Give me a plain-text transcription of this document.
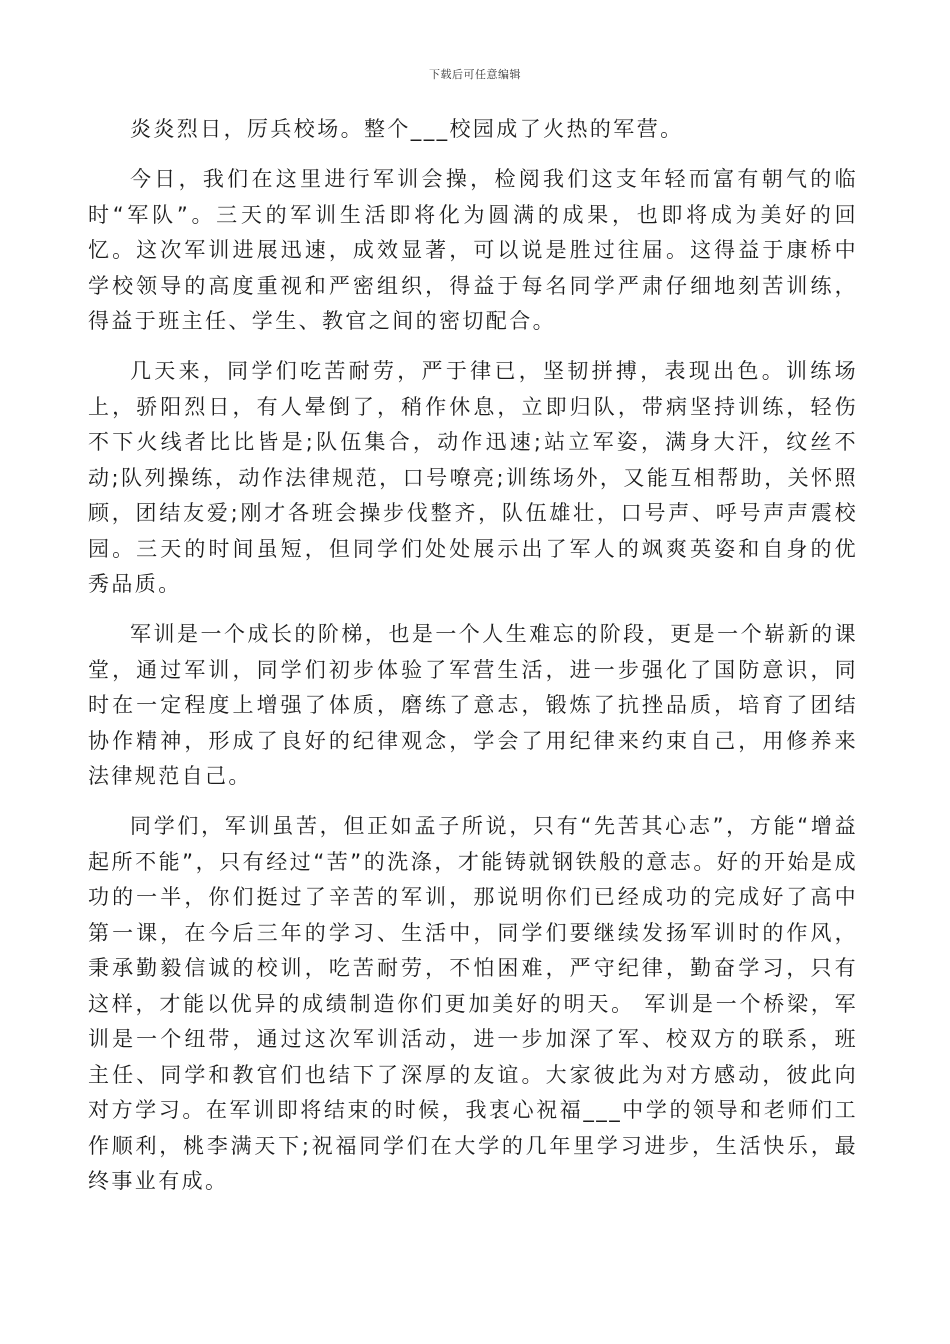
下载后可任意编辑

炎炎烈日，厉兵校场。整个___校园成了火热的军营。

今日，我们在这里进行军训会操，检阅我们这支年轻而富有朝气的临时“军队”。三天的军训生活即将化为圆满的成果，也即将成为美好的回忆。这次军训进展迅速，成效显著，可以说是胜过往届。这得益于康桥中学校领导的高度重视和严密组织，得益于每名同学严肃仔细地刻苦训练，得益于班主任、学生、教官之间的密切配合。

几天来，同学们吃苦耐劳，严于律已，坚韧拼搏，表现出色。训练场上，骄阳烈日，有人晕倒了，稍作休息，立即归队，带病坚持训练，轻伤不下火线者比比皆是;队伍集合，动作迅速;站立军姿，满身大汗，纹丝不动;队列操练，动作法律规范，口号嘹亮;训练场外，又能互相帮助，关怀照顾，团结友爱;刚才各班会操步伐整齐，队伍雄壮，口号声、呼号声声震校园。三天的时间虽短，但同学们处处展示出了军人的飒爽英姿和自身的优秀品质。

军训是一个成长的阶梯，也是一个人生难忘的阶段，更是一个崭新的课堂，通过军训，同学们初步体验了军营生活，进一步强化了国防意识，同时在一定程度上增强了体质，磨练了意志，锻炼了抗挫品质，培育了团结协作精神，形成了良好的纪律观念，学会了用纪律来约束自己，用修养来法律规范自己。

同学们，军训虽苦，但正如孟子所说，只有“先苦其心志”，方能“增益起所不能”，只有经过“苦”的洗涤，才能铸就钢铁般的意志。好的开始是成功的一半，你们挺过了辛苦的军训，那说明你们已经成功的完成好了高中第一课，在今后三年的学习、生活中，同学们要继续发扬军训时的作风，秉承勤毅信诚的校训，吃苦耐劳，不怕困难，严守纪律，勤奋学习，只有这样，才能以优异的成绩制造你们更加美好的明天。 军训是一个桥梁，军训是一个纽带，通过这次军训活动，进一步加深了军、校双方的联系，班主任、同学和教官们也结下了深厚的友谊。大家彼此为对方感动，彼此向对方学习。在军训即将结束的时候，我衷心祝福___中学的领导和老师们工作顺利，桃李满天下;祝福同学们在大学的几年里学习进步，生活快乐，最终事业有成。
